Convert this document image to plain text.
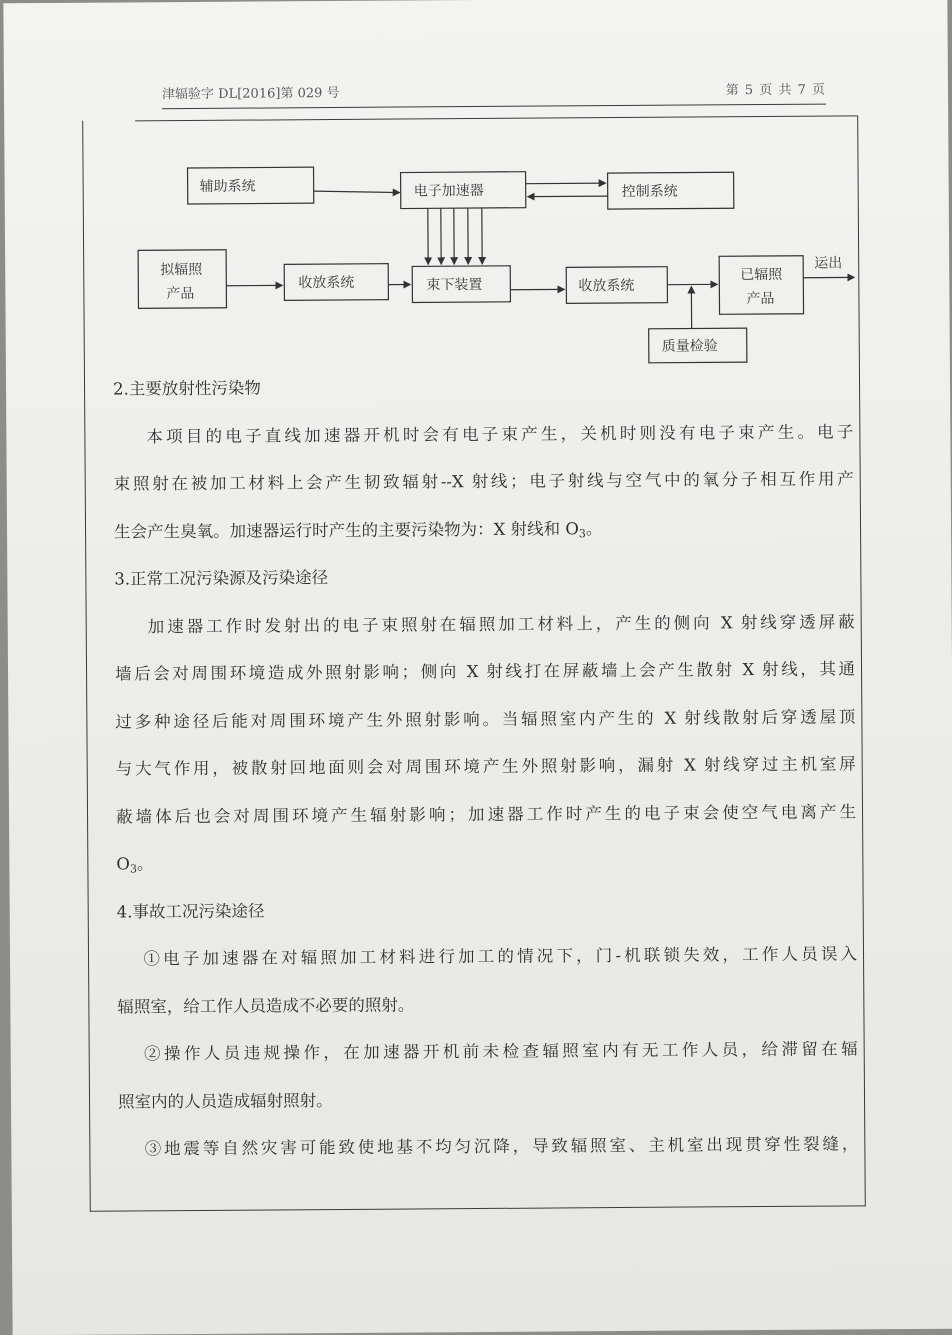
津辐验字 DL[2016]第 029 号	第 5 页 共 7 页
辅助系统	电子加速器	控制系统
拟辐照
产品
收放系统	束下装置	收放系统
已辐照
产品
运出
质量检验
2.主要放射性污染物

本项目的电子直线加速器开机时会有电子束产生，关机时则没有电子束产生。电子

束照射在被加工材料上会产生韧致辐射--X 射线；电子射线与空气中的氧分子相互作用产

生会产生臭氧。加速器运行时产生的主要污染物为：X 射线和 $O_3$。

3.正常工况污染源及污染途径

加速器工作时发射出的电子束照射在辐照加工材料上，产生的侧向 X 射线穿透屏蔽

墙后会对周围环境造成外照射影响；侧向 X 射线打在屏蔽墙上会产生散射 X 射线，其通

过多种途径后能对周围环境产生外照射影响。当辐照室内产生的 X 射线散射后穿透屋顶

与大气作用，被散射回地面则会对周围环境产生外照射影响，漏射 X 射线穿过主机室屏

蔽墙体后也会对周围环境产生辐射影响；加速器工作时产生的电子束会使空气电离产生

$O_3$。

4.事故工况污染途径

①电子加速器在对辐照加工材料进行加工的情况下，门-机联锁失效，工作人员误入

辐照室，给工作人员造成不必要的照射。

②操作人员违规操作，在加速器开机前未检查辐照室内有无工作人员，给滞留在辐

照室内的人员造成辐射照射。

③地震等自然灾害可能致使地基不均匀沉降，导致辐照室、主机室出现贯穿性裂缝，
